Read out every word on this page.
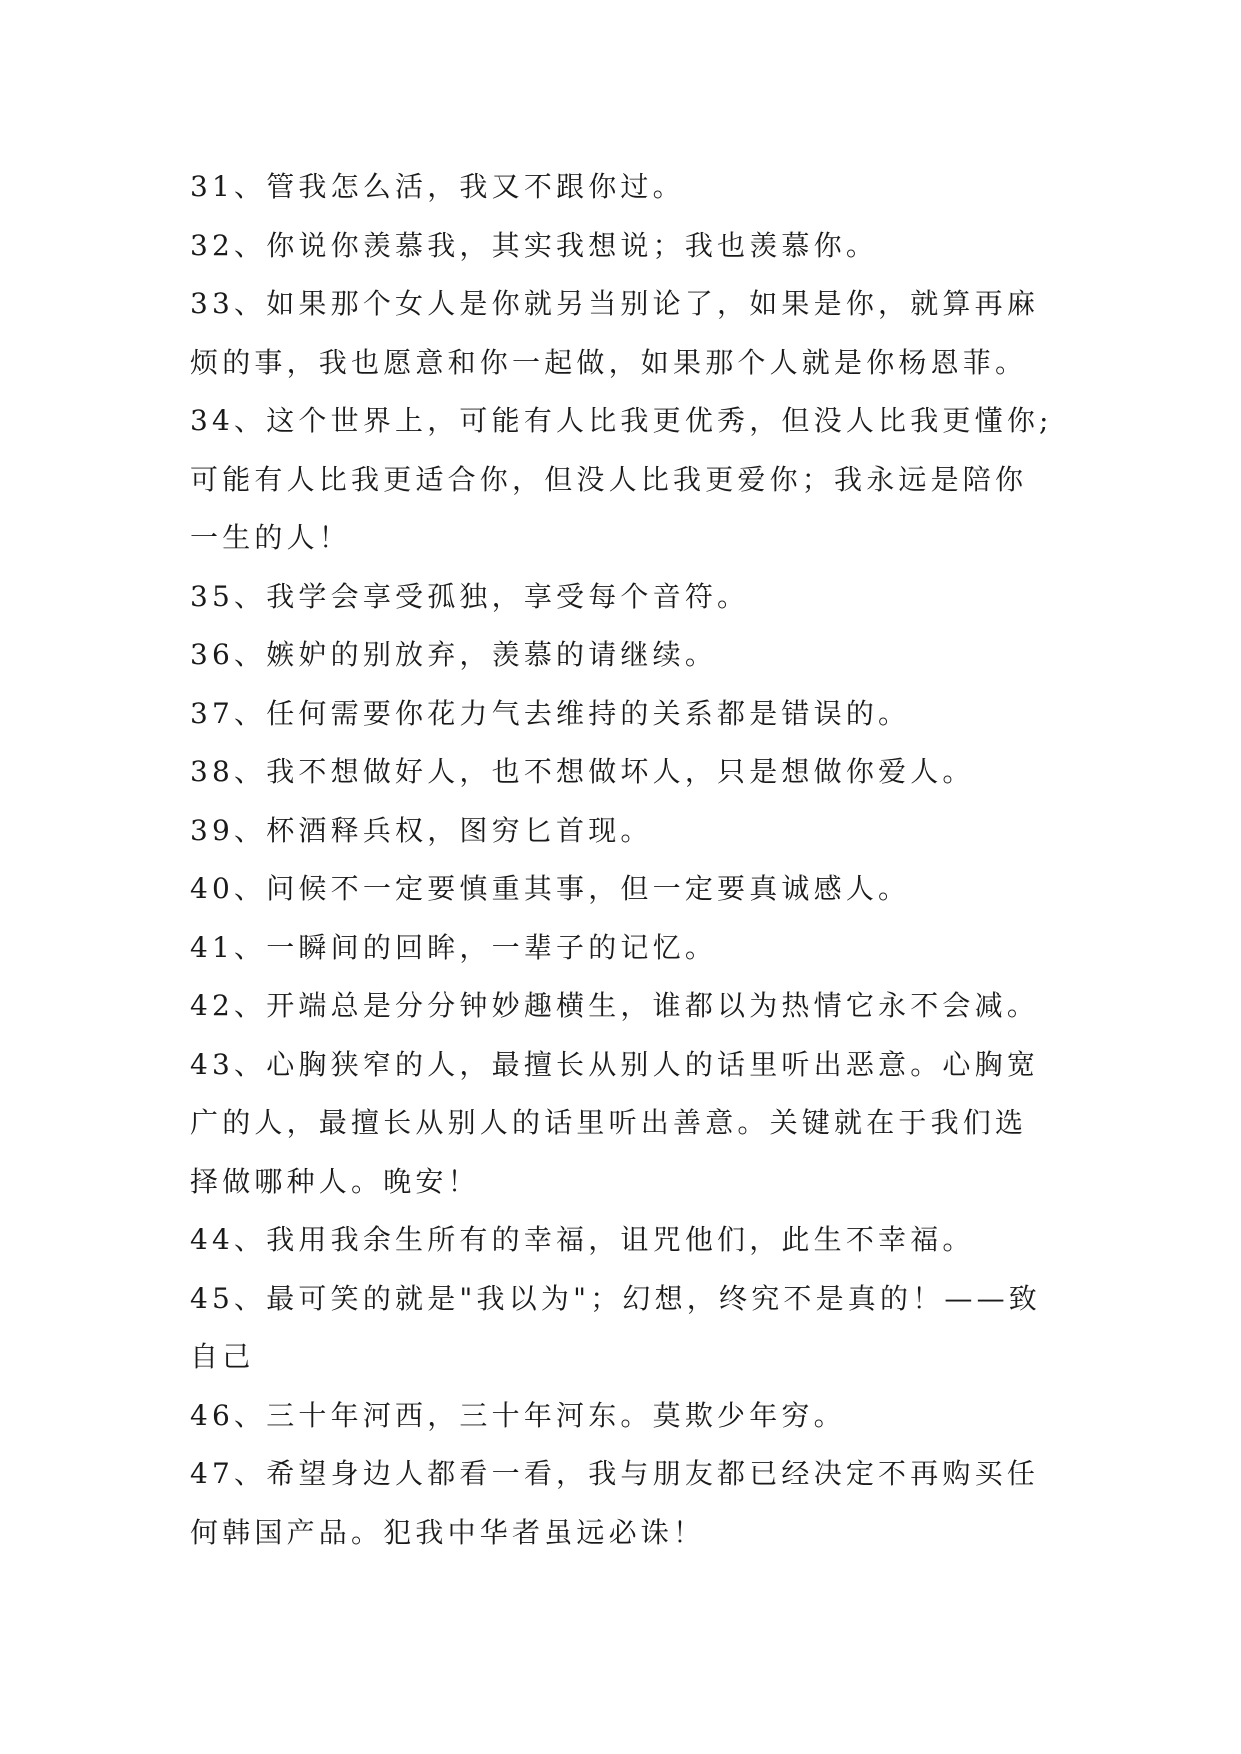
31、管我怎么活，我又不跟你过。
32、你说你羡慕我，其实我想说；我也羡慕你。
33、如果那个女人是你就另当别论了，如果是你，就算再麻
烦的事，我也愿意和你一起做，如果那个人就是你杨恩菲。
34、这个世界上，可能有人比我更优秀，但没人比我更懂你;
可能有人比我更适合你，但没人比我更爱你；我永远是陪你
一生的人！
35、我学会享受孤独，享受每个音符。
36、嫉妒的别放弃，羡慕的请继续。
37、任何需要你花力气去维持的关系都是错误的。
38、我不想做好人，也不想做坏人，只是想做你爱人。
39、杯酒释兵权，图穷匕首现。
40、问候不一定要慎重其事，但一定要真诚感人。
41、一瞬间的回眸，一辈子的记忆。
42、开端总是分分钟妙趣横生，谁都以为热情它永不会减。
43、心胸狭窄的人，最擅长从别人的话里听出恶意。心胸宽
广的人，最擅长从别人的话里听出善意。关键就在于我们选
择做哪种人。晚安！
44、我用我余生所有的幸福，诅咒他们，此生不幸福。
45、最可笑的就是"我以为"；幻想，终究不是真的！——致
自己
46、三十年河西，三十年河东。莫欺少年穷。
47、希望身边人都看一看，我与朋友都已经决定不再购买任
何韩国产品。犯我中华者虽远必诛！
